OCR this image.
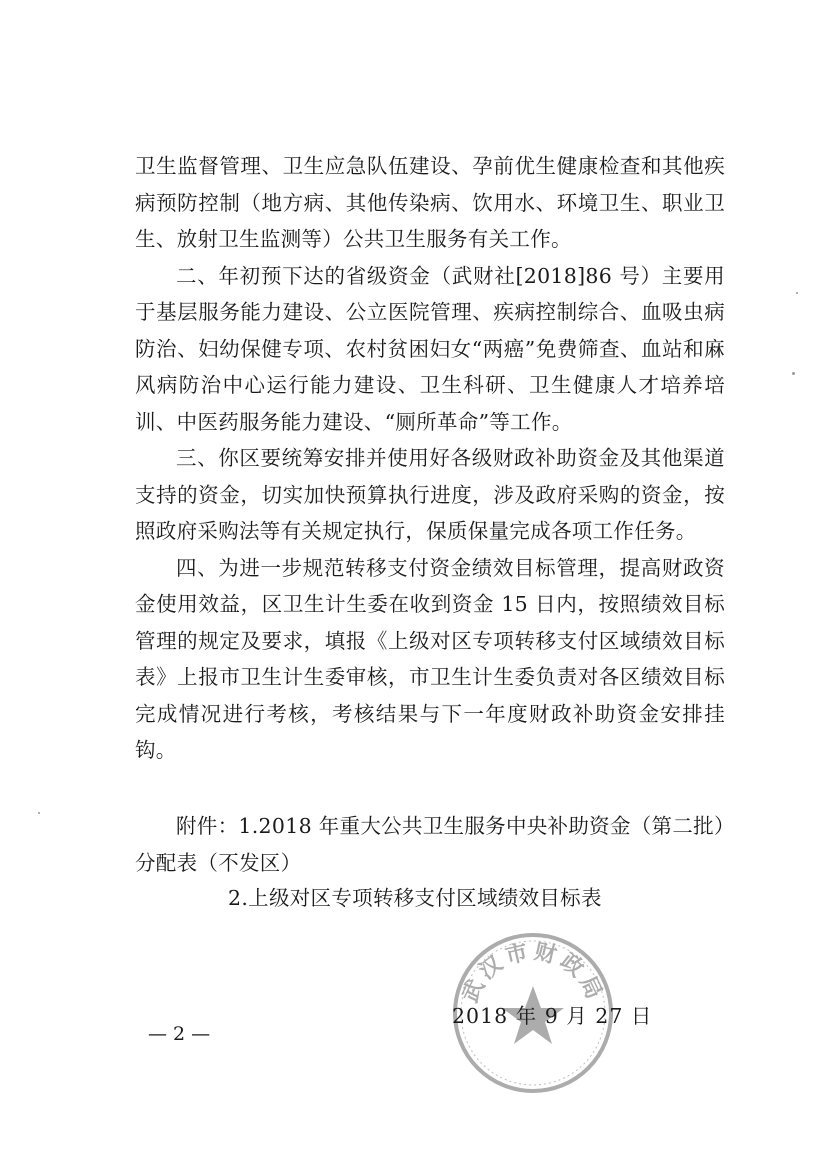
卫生监督管理、卫生应急队伍建设、孕前优生健康检查和其他疾病预防控制（地方病、其他传染病、饮用水、环境卫生、职业卫生、放射卫生监测等）公共卫生服务有关工作。

二、年初预下达的省级资金（武财社[2018]86 号）主要用于基层服务能力建设、公立医院管理、疾病控制综合、血吸虫病防治、妇幼保健专项、农村贫困妇女“两癌”免费筛查、血站和麻风病防治中心运行能力建设、卫生科研、卫生健康人才培养培训、中医药服务能力建设、“厕所革命”等工作。

三、你区要统筹安排并使用好各级财政补助资金及其他渠道支持的资金，切实加快预算执行进度，涉及政府采购的资金，按照政府采购法等有关规定执行，保质保量完成各项工作任务。

四、为进一步规范转移支付资金绩效目标管理，提高财政资金使用效益，区卫生计生委在收到资金 15 日内，按照绩效目标管理的规定及要求，填报《上级对区专项转移支付区域绩效目标表》上报市卫生计生委审核，市卫生计生委负责对各区绩效目标完成情况进行考核，考核结果与下一年度财政补助资金安排挂钩。

附件：1.2018 年重大公共卫生服务中央补助资金（第二批）分配表（不发区）

2.上级对区专项转移支付区域绩效目标表
武汉市财政局
2018 年 9 月 27 日
— 2 —
